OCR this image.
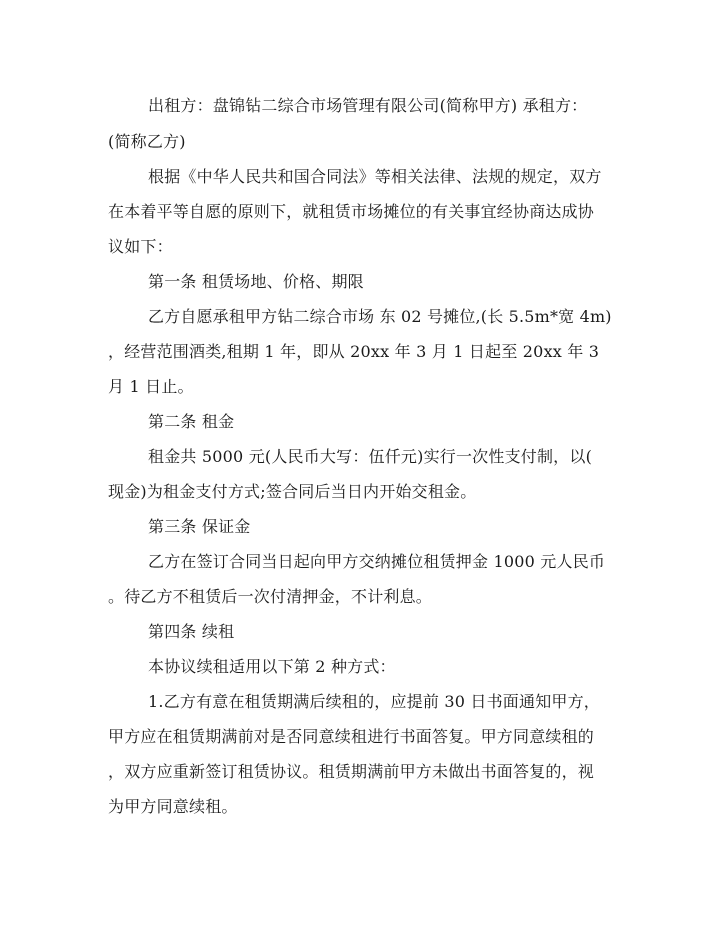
出租方：盘锦钻二综合市场管理有限公司(简称甲方) 承租方：
(简称乙方)
根据《中华人民共和国合同法》等相关法律、法规的规定，双方
在本着平等自愿的原则下，就租赁市场摊位的有关事宜经协商达成协
议如下：
第一条 租赁场地、价格、期限
乙方自愿承租甲方钻二综合市场 东 02 号摊位,(长 5.5m*宽 4m)
，经营范围酒类,租期 1 年，即从 20xx 年 3 月 1 日起至 20xx 年 3
月 1 日止。
第二条 租金
租金共 5000 元(人民币大写：伍仟元)实行一次性支付制，以(
现金)为租金支付方式;签合同后当日内开始交租金。
第三条 保证金
乙方在签订合同当日起向甲方交纳摊位租赁押金 1000 元人民币
。待乙方不租赁后一次付清押金，不计利息。
第四条 续租
本协议续租适用以下第 2 种方式：
1.乙方有意在租赁期满后续租的，应提前 30 日书面通知甲方，
甲方应在租赁期满前对是否同意续租进行书面答复。甲方同意续租的
，双方应重新签订租赁协议。租赁期满前甲方未做出书面答复的，视
为甲方同意续租。
